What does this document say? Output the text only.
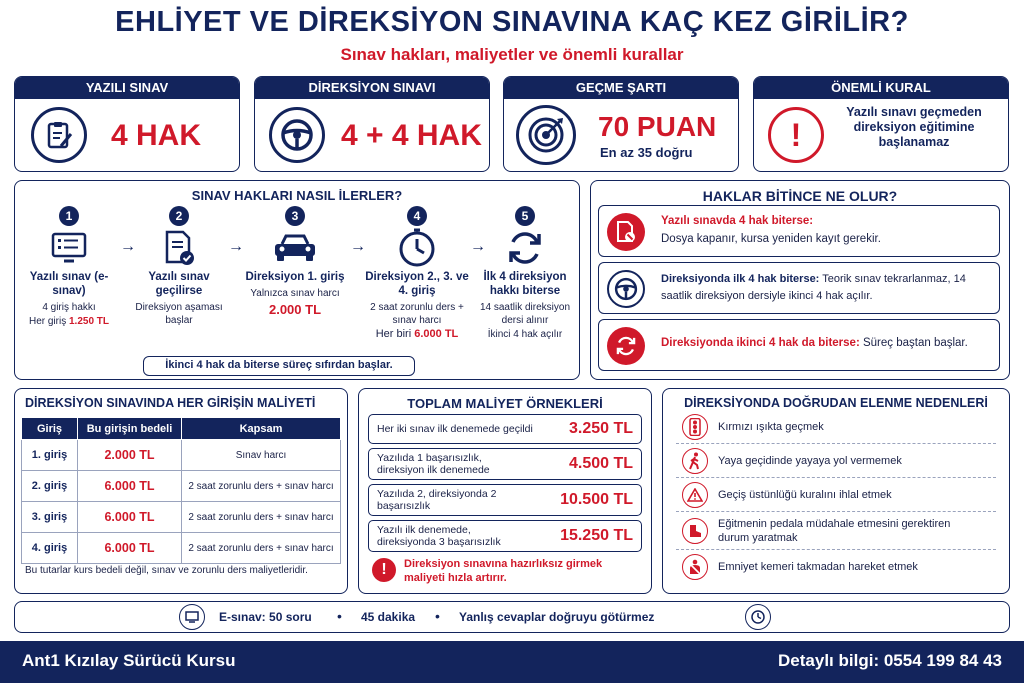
EHLİYET VE DİREKSİYON SINAVINA KAÇ KEZ GİRİLİR?
Sınav hakları, maliyetler ve önemli kurallar
YAZILI SINAV
4 HAK
DİREKSİYON SINAVI
4 + 4 HAK
GEÇME ŞARTI
70 PUAN
En az 35 doğru
ÖNEMLİ KURAL
!
Yazılı sınavı geçmeden direksiyon eğitimine başlanamaz
SINAV HAKLARI NASIL İLERLER?
1
Yazılı sınav (e-sınav)
4 giriş hakkı
Her giriş 1.250 TL
→
2
Yazılı sınav geçilirse
Direksiyon aşaması başlar
→
3
Direksiyon 1. giriş
Yalnızca sınav harcı
2.000 TL
→
4
Direksiyon 2., 3. ve 4. giriş
2 saat zorunlu ders + sınav harcı
Her biri 6.000 TL
→
5
İlk 4 direksiyon hakkı biterse
14 saatlik direksiyon dersi alınır
İkinci 4 hak açılır
İkinci 4 hak da biterse süreç sıfırdan başlar.
HAKLAR BİTİNCE NE OLUR?
Yazılı sınavda 4 hak biterse:
Dosya kapanır, kursa yeniden kayıt gerekir.
Direksiyonda ilk 4 hak biterse: Teorik sınav tekrarlanmaz, 14 saatlik direksiyon dersiyle ikinci 4 hak açılır.
Direksiyonda ikinci 4 hak da biterse: Süreç baştan başlar.
DİREKSİYON SINAVINDA HER GİRİŞİN MALİYETİ
Giriş	Bu girişin bedeli	Kapsam
1. giriş	2.000 TL	Sınav harcı
2. giriş	6.000 TL	2 saat zorunlu ders + sınav harcı
3. giriş	6.000 TL	2 saat zorunlu ders + sınav harcı
4. giriş	6.000 TL	2 saat zorunlu ders + sınav harcı
Bu tutarlar kurs bedeli değil, sınav ve zorunlu ders maliyetleridir.
TOPLAM MALİYET ÖRNEKLERİ
Her iki sınav ilk denemede geçildi 3.250 TL
Yazılıda 1 başarısızlık, direksiyon ilk denemede	4.500 TL
Yazılıda 2, direksiyonda 2 başarısızlık	10.500 TL
Yazılı ilk denemede, direksiyonda 3 başarısızlık	15.250 TL
!	Direksiyon sınavına hazırlıksız girmek maliyeti hızla artırır.
DİREKSİYONDA DOĞRUDAN ELENME NEDENLERİ
Kırmızı ışıkta geçmek
Yaya geçidinde yayaya yol vermemek
Geçiş üstünlüğü kuralını ihlal etmek
Eğitmenin pedala müdahale etmesini gerektiren durum yaratmak
Emniyet kemeri takmadan hareket etmek
E-sınav: 50 soru • 45 dakika • Yanlış cevaplar doğruyu götürmez
Ant1 Kızılay Sürücü Kursu	Detaylı bilgi: 0554 199 84 43
